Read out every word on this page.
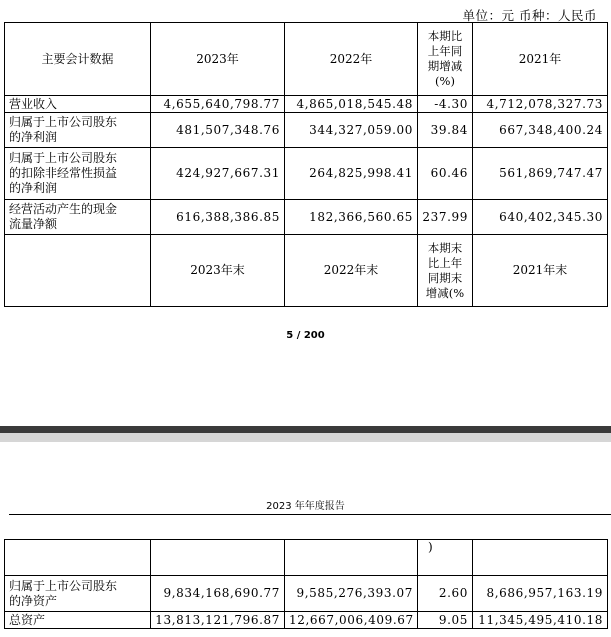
单位：元 币种：人民币
主要会计数据	2023年	2022年	本期比
上年同
期增减
(%)	2021年

营业收入	4,655,640,798.77	4,865,018,545.48	-4.30	4,712,078,327.73

归属于上市公司股东
的净利润	481,507,348.76	344,327,059.00	39.84	667,348,400.24

归属于上市公司股东
的扣除非经常性损益
的净利润	424,927,667.31	264,825,998.41	60.46	561,869,747.47

经营活动产生的现金
流量净额	616,388,386.85	182,366,560.65	237.99	640,402,345.30
	2023年末	2022年末	本期末
比上年
同期末
增减(%	2021年末
5 / 200
2023 年年度报告
			)	

归属于上市公司股东
的净资产	9,834,168,690.77	9,585,276,393.07	2.60	8,686,957,163.19

总资产	13,813,121,796.87	12,667,006,409.67	9.05	11,345,495,410.18
